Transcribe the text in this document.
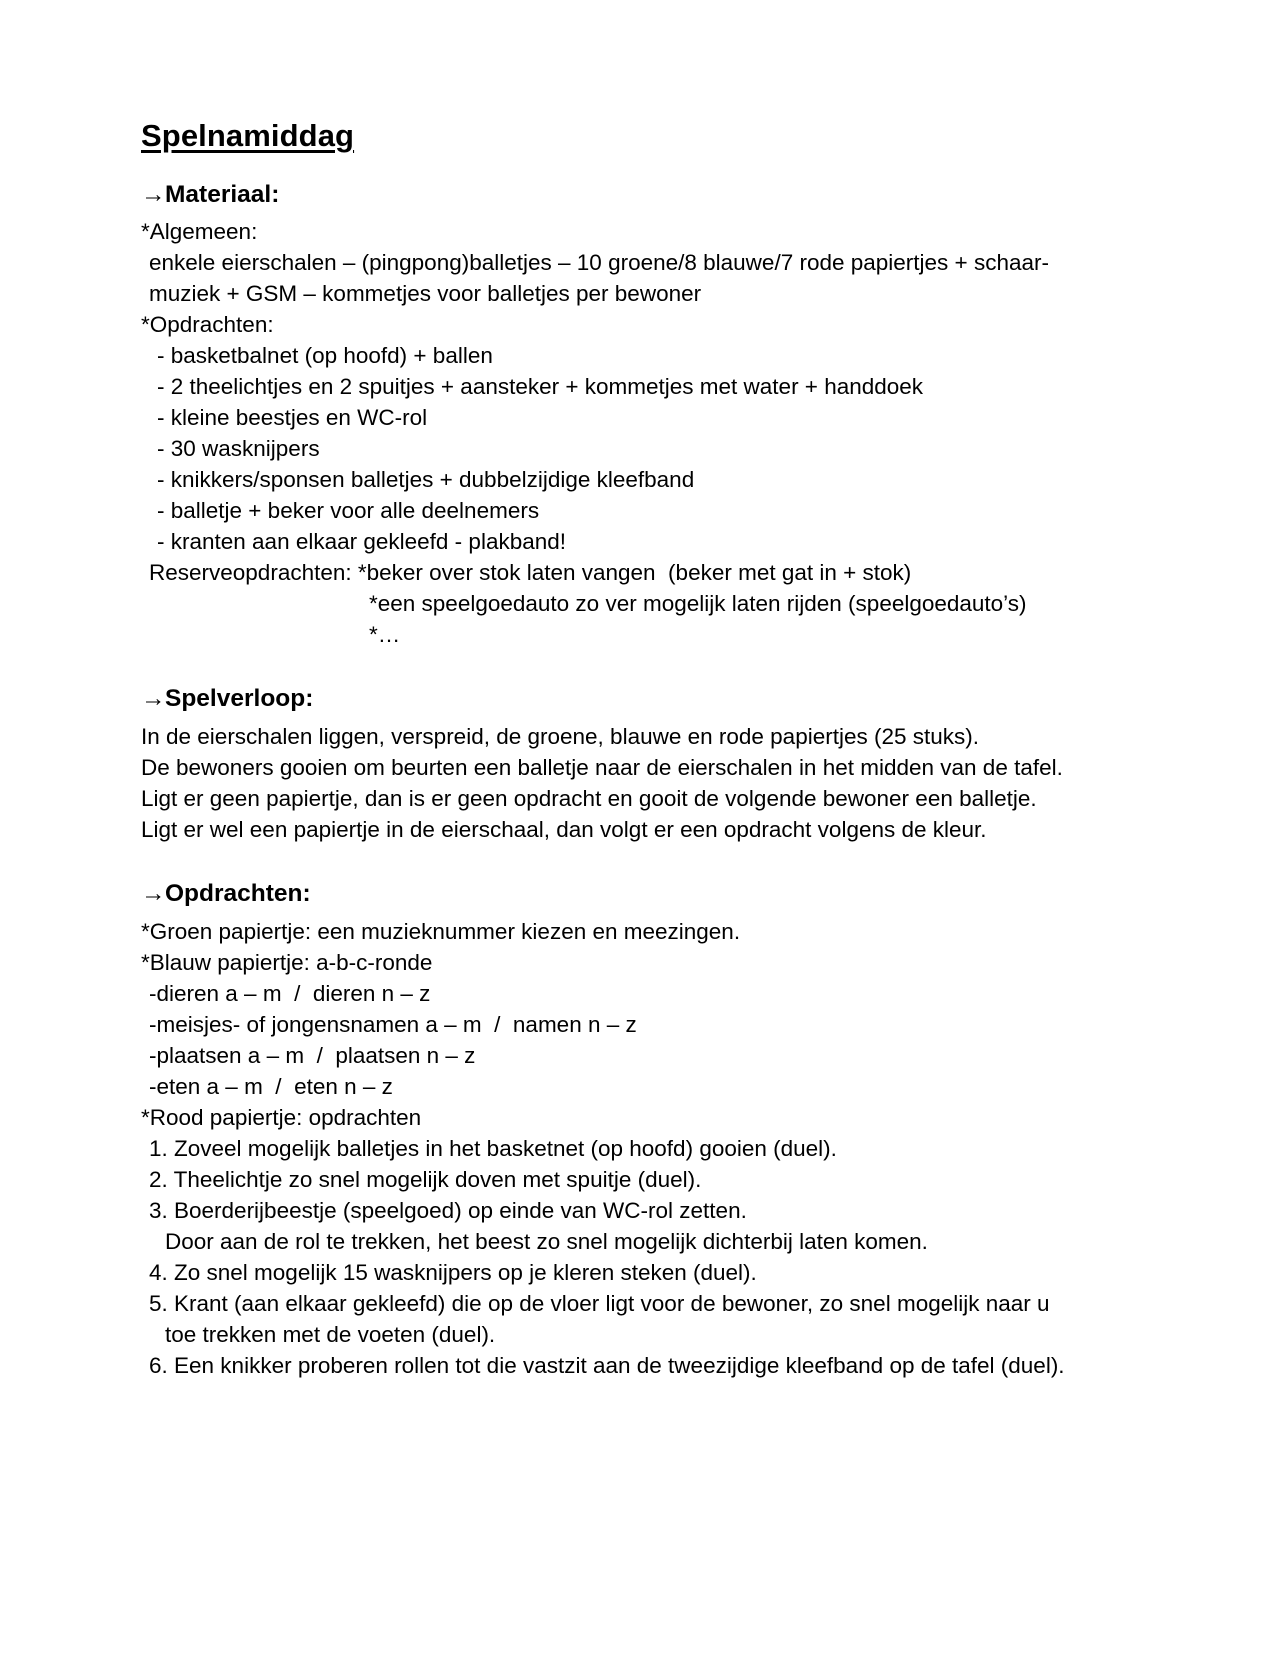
Spelnamiddag
→Materiaal:
*Algemeen:
enkele eierschalen – (pingpong)balletjes – 10 groene/8 blauwe/7 rode papiertjes + schaar-
muziek + GSM – kommetjes voor balletjes per bewoner
*Opdrachten:
- basketbalnet (op hoofd) + ballen
- 2 theelichtjes en 2 spuitjes + aansteker + kommetjes met water + handdoek
- kleine beestjes en WC-rol
- 30 wasknijpers
- knikkers/sponsen balletjes + dubbelzijdige kleefband
- balletje + beker voor alle deelnemers
- kranten aan elkaar gekleefd - plakband!
Reserveopdrachten: *beker over stok laten vangen  (beker met gat in + stok)
*een speelgoedauto zo ver mogelijk laten rijden (speelgoedauto’s)
*…
→Spelverloop:
In de eierschalen liggen, verspreid, de groene, blauwe en rode papiertjes (25 stuks).
De bewoners gooien om beurten een balletje naar de eierschalen in het midden van de tafel.
Ligt er geen papiertje, dan is er geen opdracht en gooit de volgende bewoner een balletje.
Ligt er wel een papiertje in de eierschaal, dan volgt er een opdracht volgens de kleur.
→Opdrachten:
*Groen papiertje: een muzieknummer kiezen en meezingen.
*Blauw papiertje: a-b-c-ronde
-dieren a – m  /  dieren n – z
-meisjes- of jongensnamen a – m  /  namen n – z
-plaatsen a – m  /  plaatsen n – z
-eten a – m  /  eten n – z
*Rood papiertje: opdrachten
1. Zoveel mogelijk balletjes in het basketnet (op hoofd) gooien (duel).
2. Theelichtje zo snel mogelijk doven met spuitje (duel).
3. Boerderijbeestje (speelgoed) op einde van WC-rol zetten.
Door aan de rol te trekken, het beest zo snel mogelijk dichterbij laten komen.
4. Zo snel mogelijk 15 wasknijpers op je kleren steken (duel).
5. Krant (aan elkaar gekleefd) die op de vloer ligt voor de bewoner, zo snel mogelijk naar u
toe trekken met de voeten (duel).
6. Een knikker proberen rollen tot die vastzit aan de tweezijdige kleefband op de tafel (duel).
